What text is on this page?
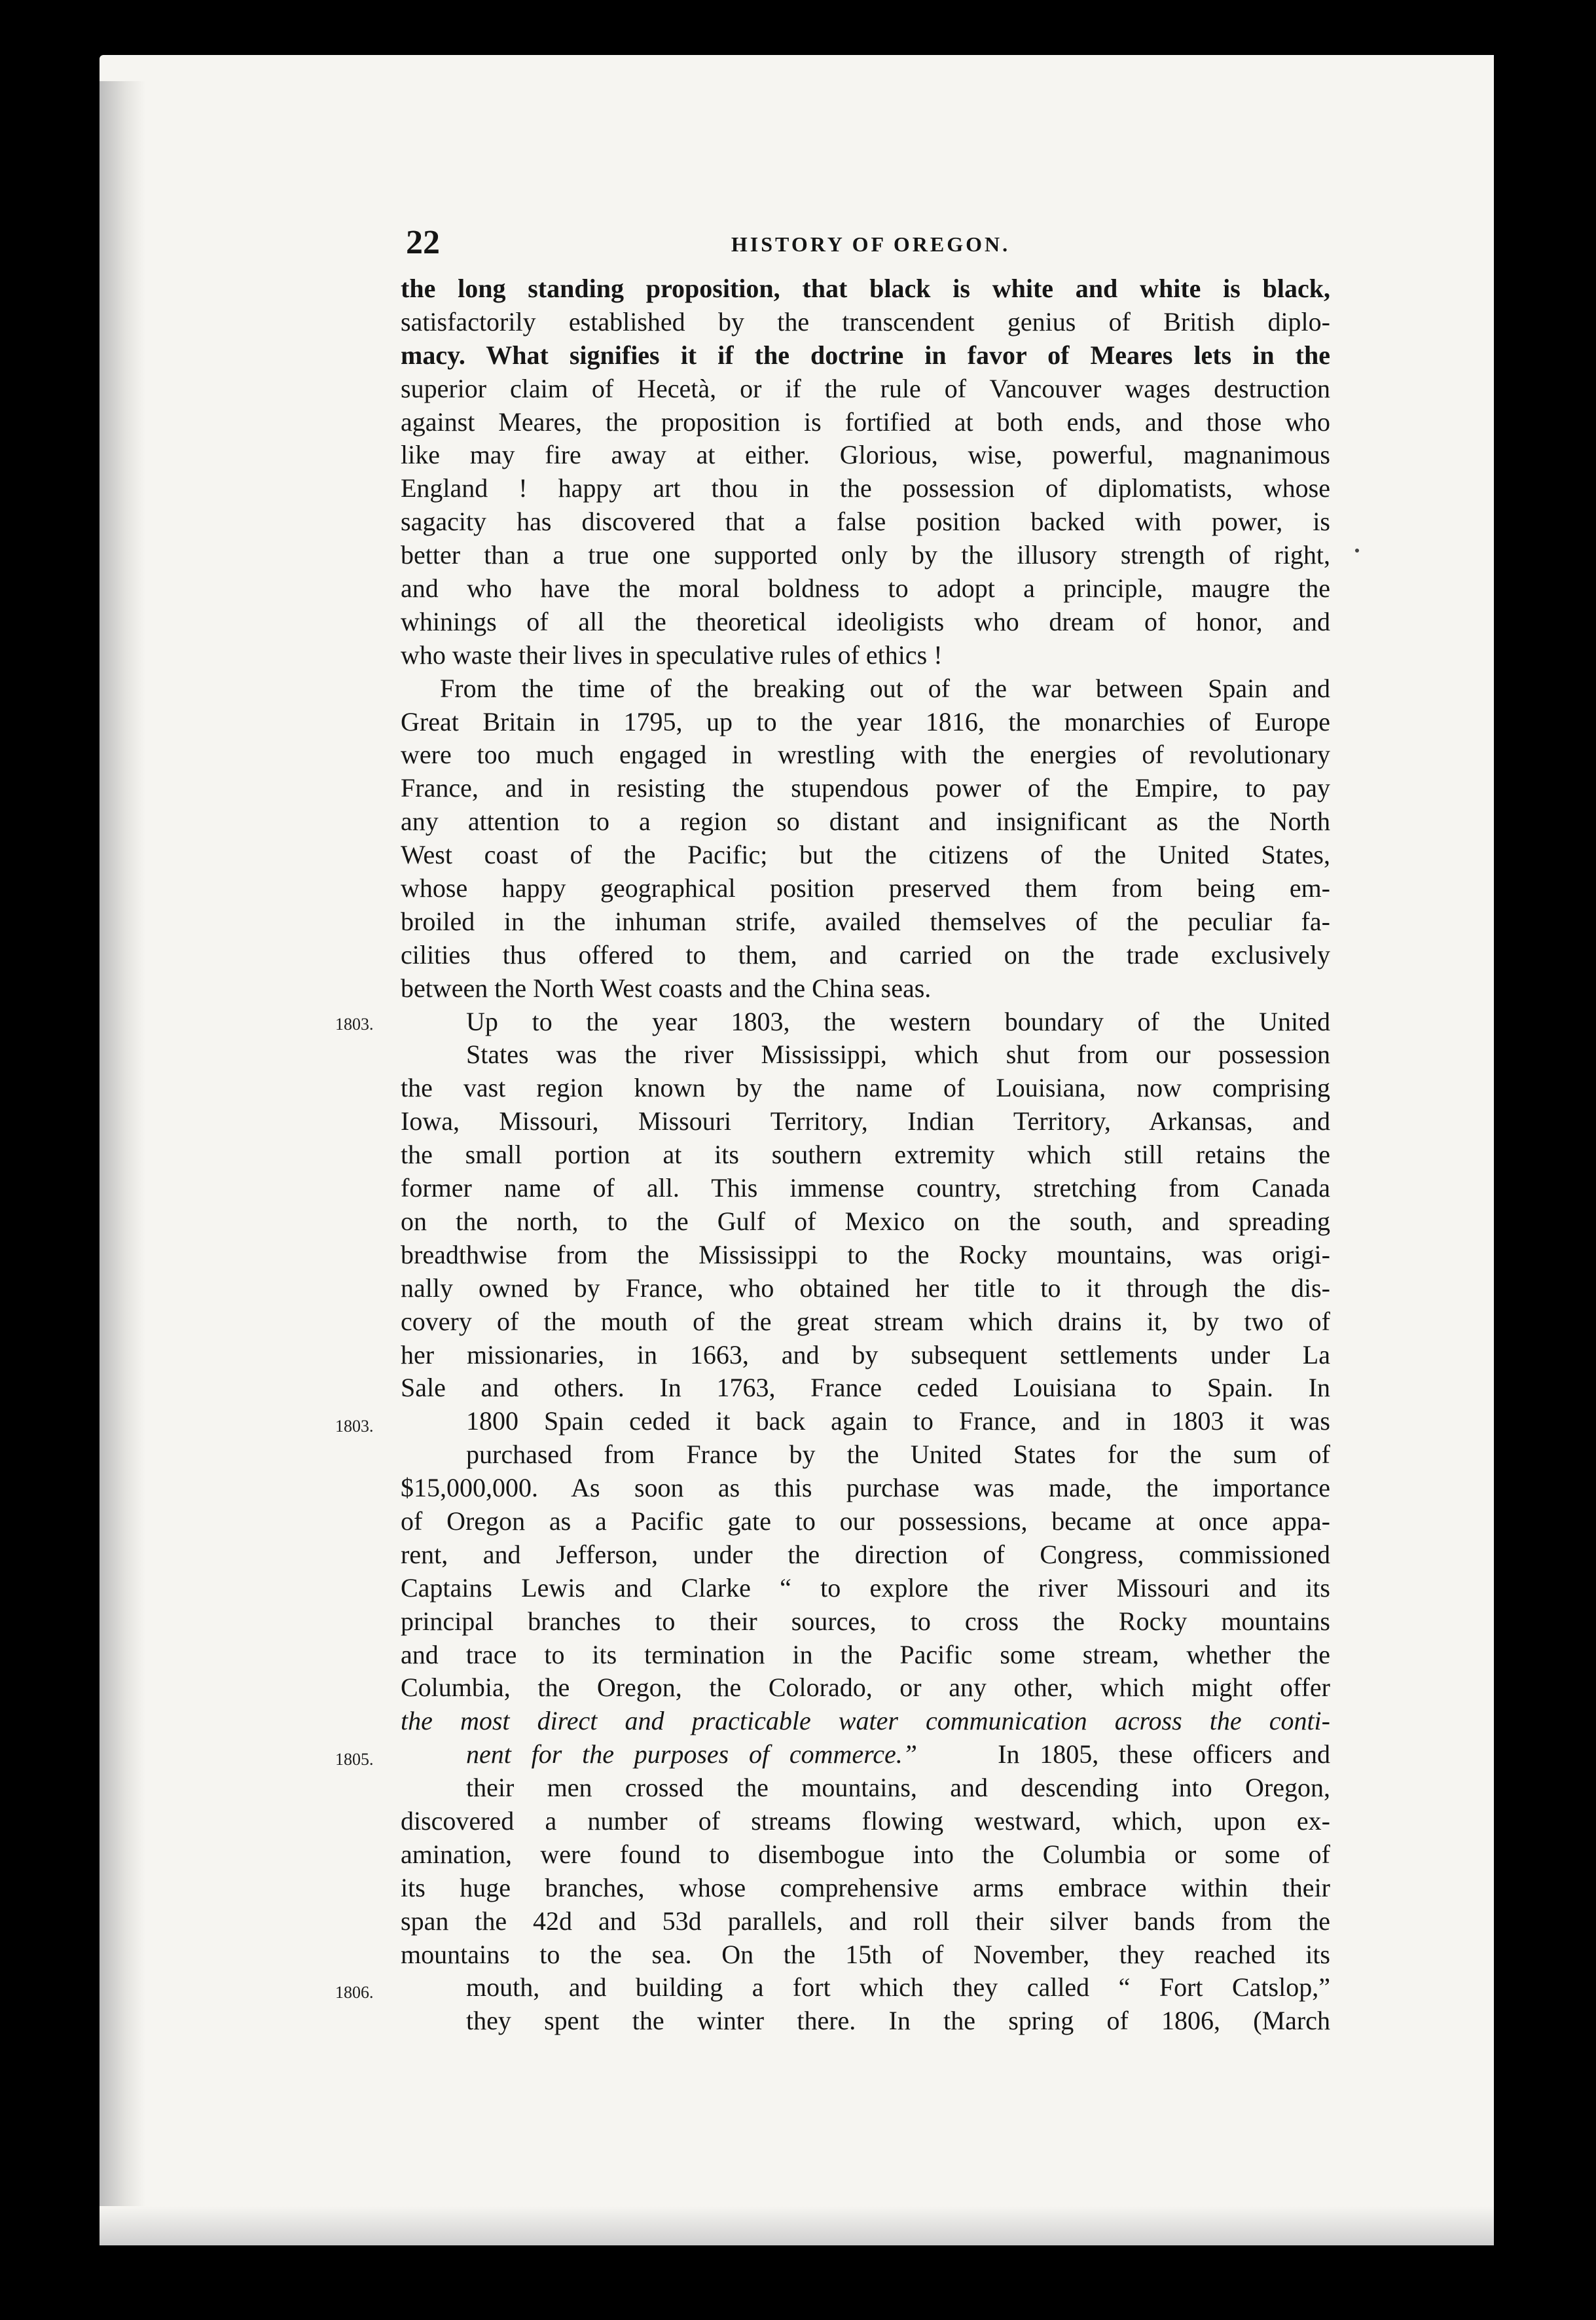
22	HISTORY OF OREGON.
the long standing proposition, that black is white and white is black,
satisfactorily established by the transcendent genius of British diplo-
macy. What signifies it if the doctrine in favor of Meares lets in the
superior claim of Hecetà, or if the rule of Vancouver wages destruction
against Meares, the proposition is fortified at both ends, and those who
like may fire away at either. Glorious, wise, powerful, magnanimous
England ! happy art thou in the possession of diplomatists, whose
sagacity has discovered that a false position backed with power, is
better than a true one supported only by the illusory strength of right,
and who have the moral boldness to adopt a principle, maugre the
whinings of all the theoretical ideoligists who dream of honor, and
who waste their lives in speculative rules of ethics !
From the time of the breaking out of the war between Spain and
Great Britain in 1795, up to the year 1816, the monarchies of Europe
were too much engaged in wrestling with the energies of revolutionary
France, and in resisting the stupendous power of the Empire, to pay
any attention to a region so distant and insignificant as the North
West coast of the Pacific; but the citizens of the United States,
whose happy geographical position preserved them from being em-
broiled in the inhuman strife, availed themselves of the peculiar fa-
cilities thus offered to them, and carried on the trade exclusively
between the North West coasts and the China seas.
1803.	Up to the year 1803, the western boundary of the United
States was the river Mississippi, which shut from our possession
the vast region known by the name of Louisiana, now comprising
Iowa, Missouri, Missouri Territory, Indian Territory, Arkansas, and
the small portion at its southern extremity which still retains the
former name of all. This immense country, stretching from Canada
on the north, to the Gulf of Mexico on the south, and spreading
breadthwise from the Mississippi to the Rocky mountains, was origi-
nally owned by France, who obtained her title to it through the dis-
covery of the mouth of the great stream which drains it, by two of
her missionaries, in 1663, and by subsequent settlements under La
Sale and others. In 1763, France ceded Louisiana to Spain. In
1803.	1800 Spain ceded it back again to France, and in 1803 it was
purchased from France by the United States for the sum of
$15,000,000. As soon as this purchase was made, the importance
of Oregon as a Pacific gate to our possessions, became at once appa-
rent, and Jefferson, under the direction of Congress, commissioned
Captains Lewis and Clarke “ to explore the river Missouri and its
principal branches to their sources, to cross the Rocky mountains
and trace to its termination in the Pacific some stream, whether the
Columbia, the Oregon, the Colorado, or any other, which might offer
the most direct and practicable water communication across the conti-
1805.	nent for the purposes of commerce.”	In 1805, these officers and
their men crossed the mountains, and descending into Oregon,
discovered a number of streams flowing westward, which, upon ex-
amination, were found to disembogue into the Columbia or some of
its huge branches, whose comprehensive arms embrace within their
span the 42d and 53d parallels, and roll their silver bands from the
mountains to the sea. On the 15th of November, they reached its
1806.	mouth, and building a fort which they called “ Fort Catslop,”
they spent the winter there. In the spring of 1806, (March
